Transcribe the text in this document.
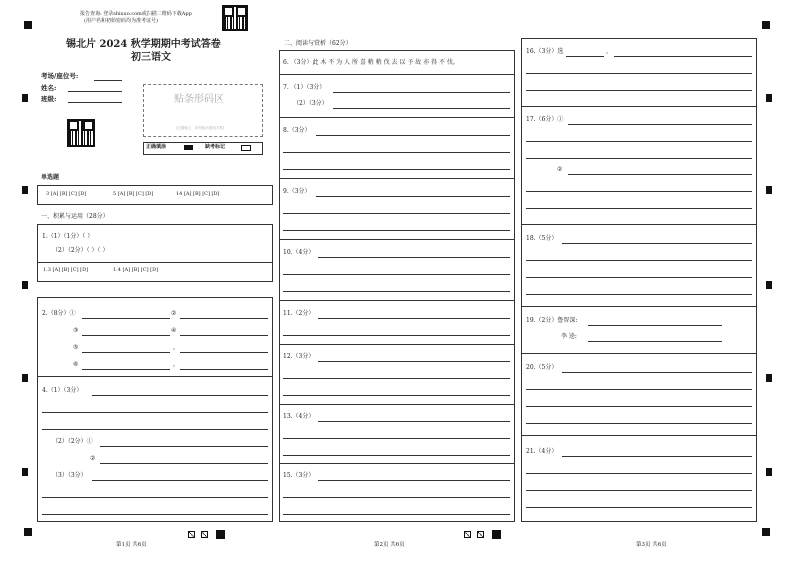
报告查询: 登录shixuo.com或扫描二维码下载App
(用户名和初始密码均为准考证号)
锡北片 2024 秋学期期中考试答卷
初三语文
考场/座位号:
姓名:
班级:	贴条形码区
(正面朝上，切勿贴出虚线方框)
正确填涂	缺考标记
单选题
3 [A] [B] [C] [D]	5 [A] [B] [C] [D]	14 [A] [B] [C] [D]
一、积累与运用（28分）
1.（1）（1分）（ ）
（2）（2分）（ ）（ ）
1.3 [A] [B] [C] [D]	1.4 [A] [B] [C] [D]
2.（8分）①	②
③	④
⑤	，
⑥	，
4.（1）（3分）
（2）（2分）①
②
（3）（3分）
第1页 共6页
二、阅读与赏析（62分）
6. （3分）此 木 不 为 人 所 喜 稍 稍 伐 去 以 予 故 亦 得 不 伐。
7. （1）（3分）
（2）（3分）
8.（3分）
9.（3分）
10.（4分）
11.（2分）
12.（3分）
13.（4分）
15.（3分）
第2页 共6页
16.（3分）选	，
17.（6分）①
②
18.（5分）
19.（2分）鲁智深:
李 逵:
20.（5分）
21.（4分）
第3页 共6页
